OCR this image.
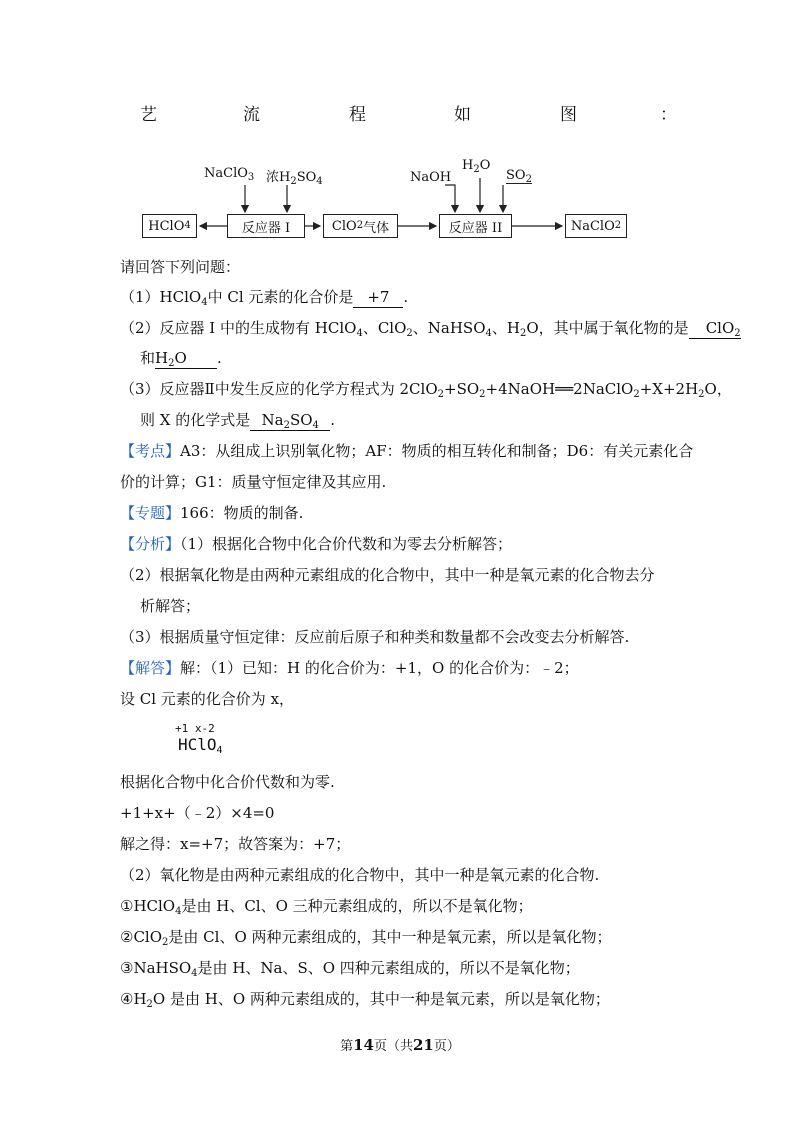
艺	流	程	如	图	：
HClO 4	反应器 I	ClO 2 气体	反应器 II	NaClO 2
NaClO$_3$ 浓$H_2SO_4$	NaOH
$H_2O$
$SO_2$
请回答下列问题：
（1）HClO$_4$中 Cl 元素的化合价是 +7 .
（2）反应器 I 中的生成物有 HClO$_4$、ClO$_2$、NaHSO$_4$、$H_2O$，其中属于氧化物的是 ClO$_2$
和$H_2O$ .
（3）反应器Ⅱ中发生反应的化学方程式为 $2ClO_2+SO_2+4NaOH══2NaClO_2+X+2H_2O$，
则 X 的化学式是 $Na_2SO_4$ .
【考点】A3：从组成上识别氧化物；AF：物质的相互转化和制备；D6：有关元素化合
价的计算；G1：质量守恒定律及其应用.
【专题】166：物质的制备.
【分析】（1）根据化合物中化合价代数和为零去分析解答；
（2）根据氧化物是由两种元素组成的化合物中，其中一种是氧元素的化合物去分
析解答；
（3）根据质量守恒定律：反应前后原子和种类和数量都不会改变去分析解答.
【解答】解：（1）已知：H 的化合价为：+1，O 的化合价为：﹣2；
设 Cl 元素的化合价为 x，
+1 x-2
HClO$_4$
根据化合物中化合价代数和为零.
+1+x+（﹣2）×4=0
解之得：x=+7；故答案为：+7；
（2）氧化物是由两种元素组成的化合物中，其中一种是氧元素的化合物.
①HClO$_4$是由 H、Cl、O 三种元素组成的，所以不是氧化物；
②ClO$_2$是由 Cl、O 两种元素组成的，其中一种是氧元素，所以是氧化物；
③NaHSO$_4$是由 H、Na、S、O 四种元素组成的，所以不是氧化物；
$④H_2O$ 是由 H、O 两种元素组成的，其中一种是氧元素，所以是氧化物；
第14页（共21页）
